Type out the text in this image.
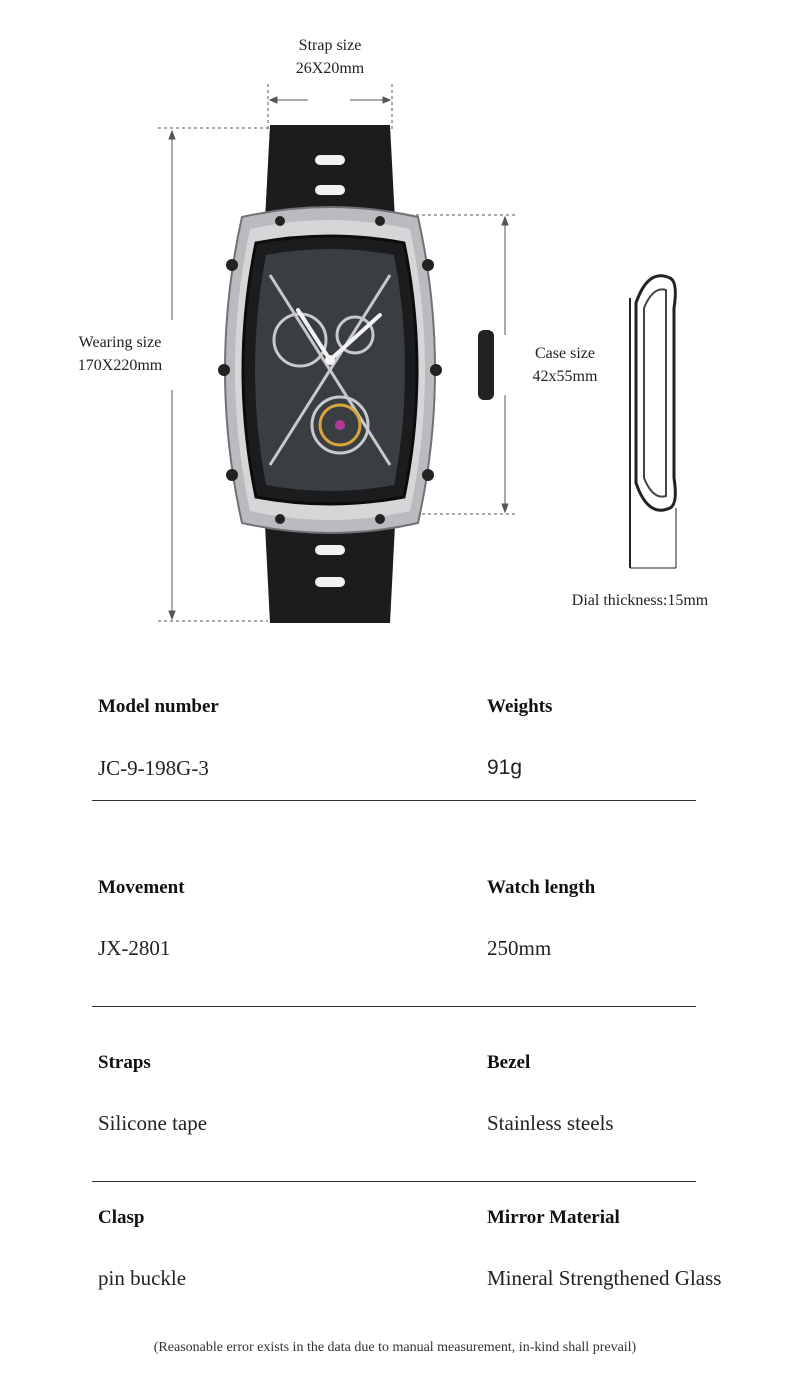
Strap size
26X20mm
Wearing size
170X220mm
Case size
42x55mm
Dial thickness:15mm
Model number
JC-9-198G-3
Weights
91g
Movement
JX-2801
Watch length
250mm
Straps
Silicone tape
Bezel
Stainless steels
Clasp
pin buckle
Mirror Material
Mineral Strengthened Glass
(Reasonable error exists in the data due to manual measurement, in-kind shall prevail)
